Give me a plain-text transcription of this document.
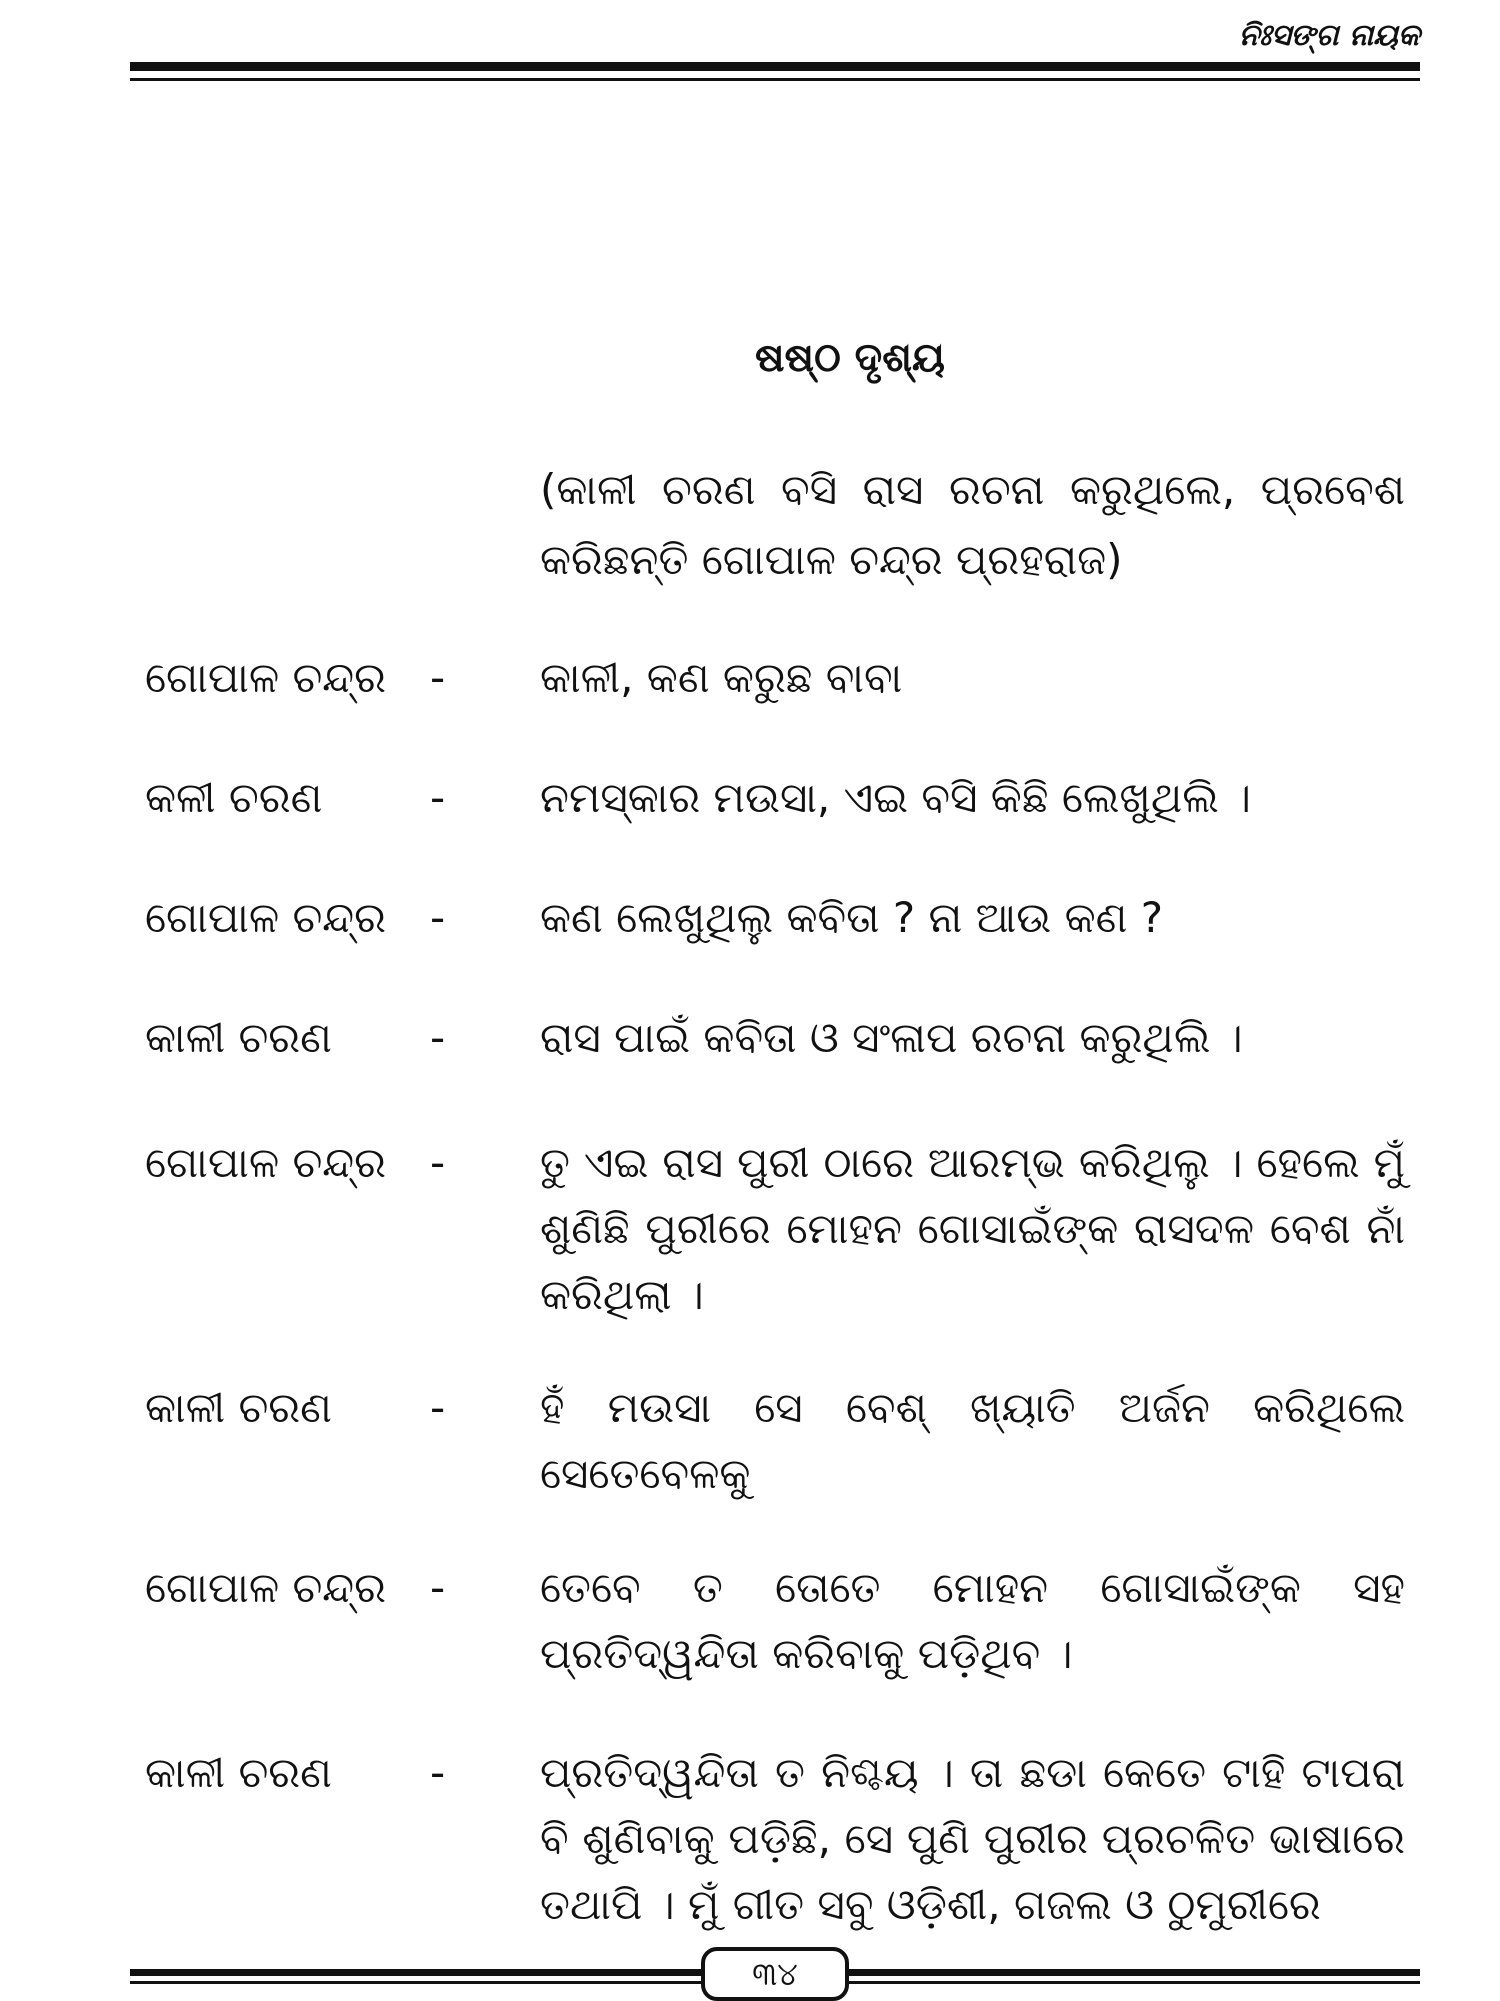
ନିଃସଙ୍ଗ ନାୟକ
ଷଷ୍ଠ ଦୃଶ୍ୟ
(କାଳୀ ଚରଣ ବସି ରାସ ରଚନା କରୁଥିଲେ, ପ୍ରବେଶ କରିଛନ୍ତି ଗୋପାଳ ଚନ୍ଦ୍ର ପ୍ରହରାଜ)
ଗୋପାଳ ଚନ୍ଦ୍ର	- କାଳୀ, କଣ କରୁଛ ବାବା
କଳୀ ଚରଣ	- ନମସ୍କାର ମଉସା, ଏଇ ବସି କିଛି ଲେଖୁଥିଲି ।
ଗୋପାଳ ଚନ୍ଦ୍ର	- କଣ ଲେଖୁଥିଲୁ କବିତା ? ନା ଆଉ କଣ ?
କାଳୀ ଚରଣ	- ରାସ ପାଇଁ କବିତା ଓ ସଂଳାପ ରଚନା କରୁଥିଲି ।
ଗୋପାଳ ଚନ୍ଦ୍ର	- ତୁ ଏଇ ରାସ ପୁରୀ ଠାରେ ଆରମ୍ଭ କରିଥିଲୁ । ହେଲେ ମୁଁ ଶୁଣିଛି ପୁରୀରେ ମୋହନ ଗୋସାଇଁଙ୍କ ରାସଦଳ ବେଶ ନାଁ କରିଥିଲା ।
କାଳୀ ଚରଣ	- ହଁ ମଉସା ସେ ବେଶ୍ ଖ୍ୟାତି ଅର୍ଜନ କରିଥିଲେ ସେତେବେଳକୁ
ଗୋପାଳ ଚନ୍ଦ୍ର	- ତେବେ ତ ତୋତେ ମୋହନ ଗୋସାଇଁଙ୍କ ସହ ପ୍ରତିଦ୍ୱନ୍ଦିତା କରିବାକୁ ପଡ଼ିଥିବ ।
କାଳୀ ଚରଣ	- ପ୍ରତିଦ୍ୱନ୍ଦିତା ତ ନିଶ୍ଚୟ । ତା ଛଡା କେତେ ଟାହି ଟାପରା ବି ଶୁଣିବାକୁ ପଡ଼ିଛି, ସେ ପୁଣି ପୁରୀର ପ୍ରଚଳିତ ଭାଷାରେ ତଥାପି । ମୁଁ ଗୀତ ସବୁ ଓଡ଼ିଶୀ, ଗଜଲ ଓ ଠୁମୁରୀରେ
୩୪
